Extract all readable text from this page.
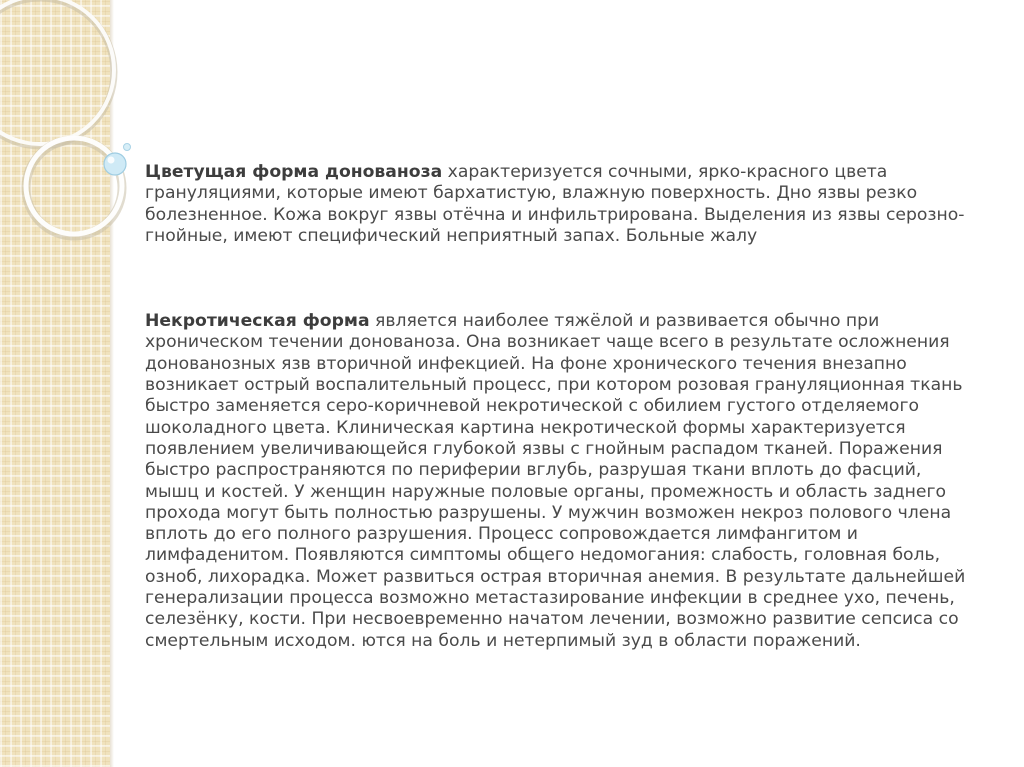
Цветущая форма донованоза характеризуется сочными, ярко-красного цвета грануляциями, которые имеют бархатистую, влажную поверхность. Дно язвы резко болезненное. Кожа вокруг язвы отёчна и инфильтрирована. Выделения из язвы серозно-гнойные, имеют специфический неприятный запах. Больные жалу

Некротическая форма является наиболее тяжёлой и развивается обычно при хроническом течении донованоза. Она возникает чаще всего в результате осложнения донованозных язв вторичной инфекцией. На фоне хронического течения внезапно возникает острый воспалительный процесс, при котором розовая грануляционная ткань быстро заменяется серо-коричневой некротической с обилием густого отделяемого шоколадного цвета. Клиническая картина некротической формы характеризуется появлением увеличивающейся глубокой язвы с гнойным распадом тканей. Поражения быстро распространяются по периферии вглубь, разрушая ткани вплоть до фасций, мышц и костей. У женщин наружные половые органы, промежность и область заднего прохода могут быть полностью разрушены. У мужчин возможен некроз полового члена вплоть до его полного разрушения. Процесс сопровождается лимфангитом и лимфаденитом. Появляются симптомы общего недомогания: слабость, головная боль, озноб, лихорадка. Может развиться острая вторичная анемия. В результате дальнейшей генерализации процесса возможно метастазирование инфекции в среднее ухо, печень, селезёнку, кости. При несвоевременно начатом лечении, возможно развитие сепсиса со смертельным исходом. ются на боль и нетерпимый зуд в области поражений.
